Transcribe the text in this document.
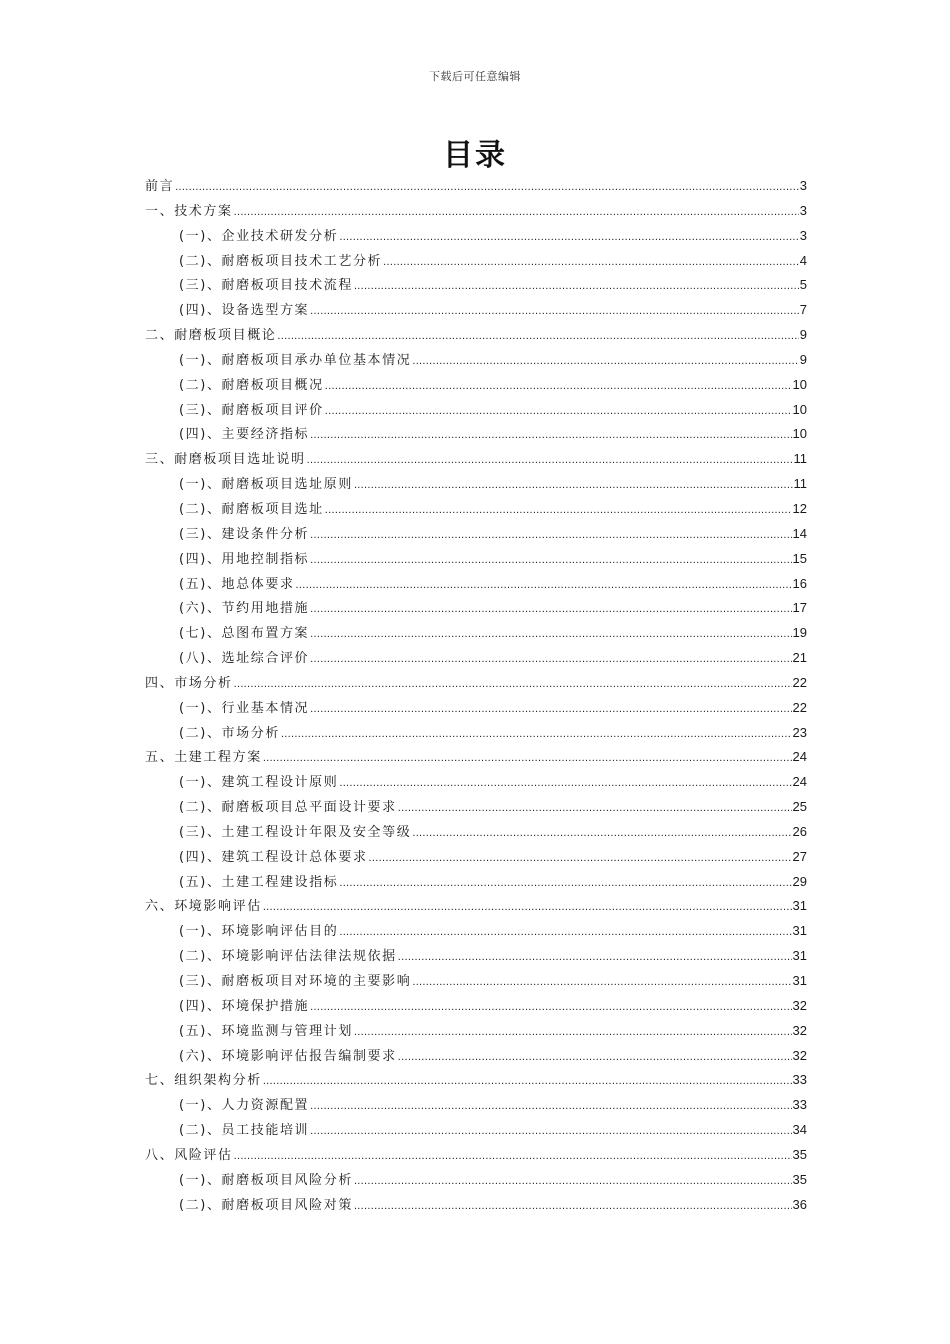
下载后可任意编辑
目录
前言 .....	3
一、技术方案 .....	3
(一)、企业技术研发分析 .....	3
(二)、耐磨板项目技术工艺分析 .....	4
(三)、耐磨板项目技术流程 .....	5
(四)、设备选型方案 .....	7
二、耐磨板项目概论 .....	9
(一)、耐磨板项目承办单位基本情况 .....	9
(二)、耐磨板项目概况 .....	10
(三)、耐磨板项目评价 .....	10
(四)、主要经济指标 .....	10
三、耐磨板项目选址说明 .....	11
(一)、耐磨板项目选址原则 .....	11
(二)、耐磨板项目选址 .....	12
(三)、建设条件分析 .....	14
(四)、用地控制指标 .....	15
(五)、地总体要求 .....	16
(六)、节约用地措施 .....	17
(七)、总图布置方案 .....	19
(八)、选址综合评价 .....	21
四、市场分析 .....	22
(一)、行业基本情况 .....	22
(二)、市场分析 .....	23
五、土建工程方案 .....	24
(一)、建筑工程设计原则 .....	24
(二)、耐磨板项目总平面设计要求 .....	25
(三)、土建工程设计年限及安全等级 .....	26
(四)、建筑工程设计总体要求 .....	27
(五)、土建工程建设指标 .....	29
六、环境影响评估 .....	31
(一)、环境影响评估目的 .....	31
(二)、环境影响评估法律法规依据 .....	31
(三)、耐磨板项目对环境的主要影响 .....	31
(四)、环境保护措施 .....	32
(五)、环境监测与管理计划 .....	32
(六)、环境影响评估报告编制要求 .....	32
七、组织架构分析 .....	33
(一)、人力资源配置 .....	33
(二)、员工技能培训 .....	34
八、风险评估 .....	35
(一)、耐磨板项目风险分析 .....	35
(二)、耐磨板项目风险对策 .....	36
